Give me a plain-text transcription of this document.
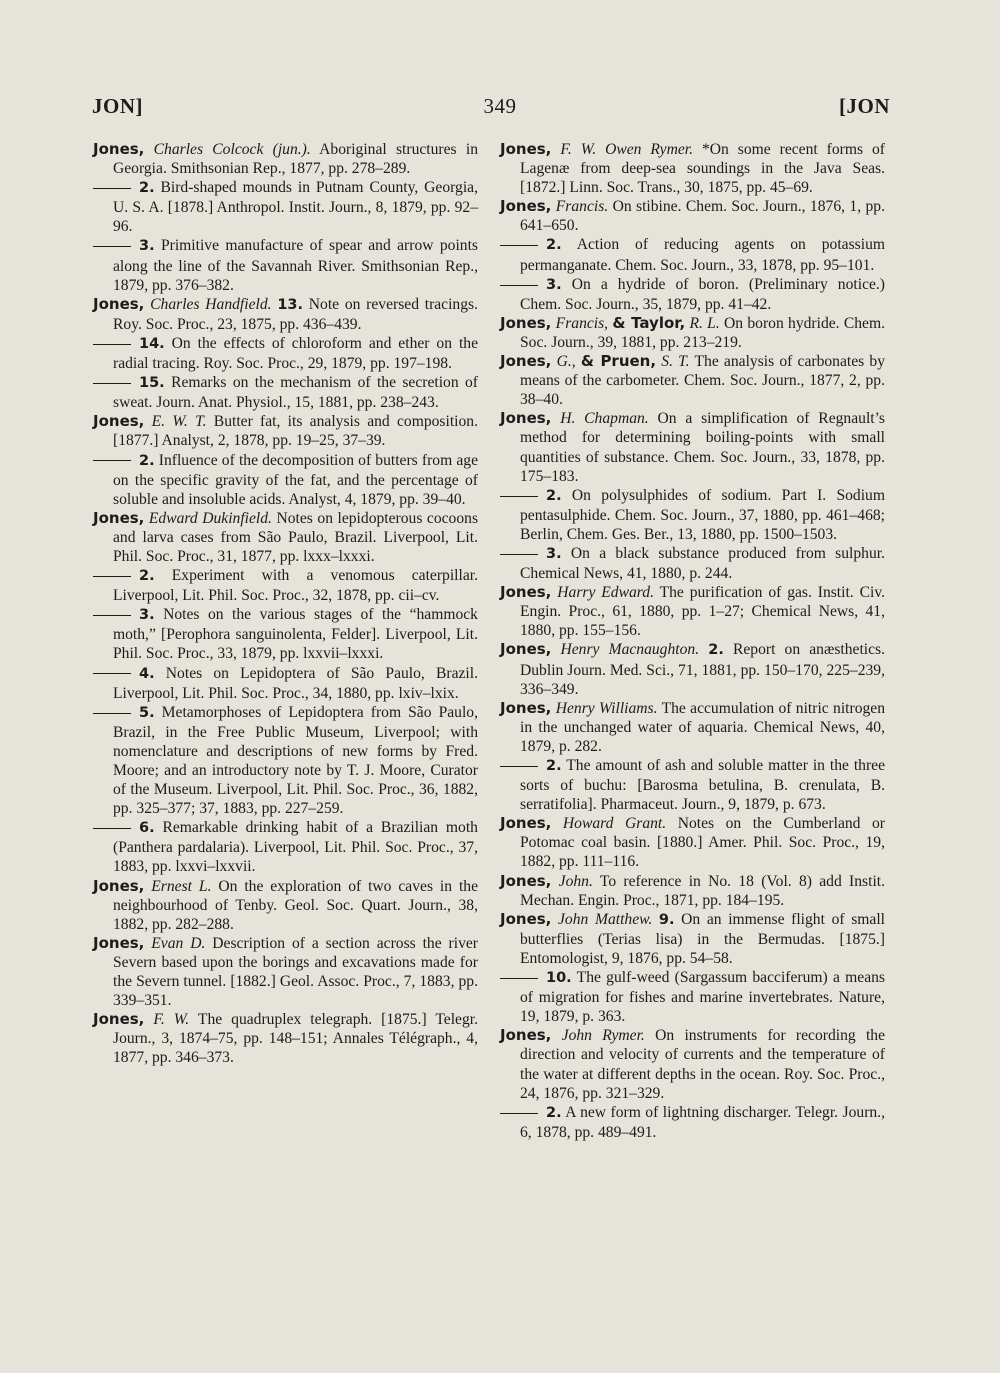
JON]	349	[JON

Jones, Charles Colcock (jun.). Aboriginal structures in Georgia. Smithsonian Rep., 1877, pp. 278–289.

2. Bird-shaped mounds in Putnam County, Georgia, U. S. A. [1878.] Anthropol. Instit. Journ., 8, 1879, pp. 92–96.

3. Primitive manufacture of spear and arrow points along the line of the Savannah River. Smithsonian Rep., 1879, pp. 376–382.

Jones, Charles Handfield. 13. Note on reversed tracings. Roy. Soc. Proc., 23, 1875, pp. 436–439.

14. On the effects of chloroform and ether on the radial tracing. Roy. Soc. Proc., 29, 1879, pp. 197–198.

15. Remarks on the mechanism of the secretion of sweat. Journ. Anat. Physiol., 15, 1881, pp. 238–243.

Jones, E. W. T. Butter fat, its analysis and composition. [1877.] Analyst, 2, 1878, pp. 19–25, 37–39.

2. Influence of the decomposition of butters from age on the specific gravity of the fat, and the percentage of soluble and insoluble acids. Analyst, 4, 1879, pp. 39–40.

Jones, Edward Dukinfield. Notes on lepidopterous cocoons and larva cases from São Paulo, Brazil. Liverpool, Lit. Phil. Soc. Proc., 31, 1877, pp. lxxx–lxxxi.

2. Experiment with a venomous caterpillar. Liverpool, Lit. Phil. Soc. Proc., 32, 1878, pp. cii–cv.

3. Notes on the various stages of the “hammock moth,” [Perophora sanguinolenta, Felder]. Liverpool, Lit. Phil. Soc. Proc., 33, 1879, pp. lxxvii–lxxxi.

4. Notes on Lepidoptera of São Paulo, Brazil. Liverpool, Lit. Phil. Soc. Proc., 34, 1880, pp. lxiv–lxix.

5. Metamorphoses of Lepidoptera from São Paulo, Brazil, in the Free Public Museum, Liverpool; with nomenclature and descriptions of new forms by Fred. Moore; and an introductory note by T. J. Moore, Curator of the Museum. Liverpool, Lit. Phil. Soc. Proc., 36, 1882, pp. 325–377; 37, 1883, pp. 227–259.

6. Remarkable drinking habit of a Brazilian moth (Panthera pardalaria). Liverpool, Lit. Phil. Soc. Proc., 37, 1883, pp. lxxvi–lxxvii.

Jones, Ernest L. On the exploration of two caves in the neighbourhood of Tenby. Geol. Soc. Quart. Journ., 38, 1882, pp. 282–288.

Jones, Evan D. Description of a section across the river Severn based upon the borings and excavations made for the Severn tunnel. [1882.] Geol. Assoc. Proc., 7, 1883, pp. 339–351.

Jones, F. W. The quadruplex telegraph. [1875.] Telegr. Journ., 3, 1874–75, pp. 148–151; Annales Télégraph., 4, 1877, pp. 346–373.

Jones, F. W. Owen Rymer. *On some recent forms of Lagenæ from deep-sea soundings in the Java Seas. [1872.] Linn. Soc. Trans., 30, 1875, pp. 45–69.

Jones, Francis. On stibine. Chem. Soc. Journ., 1876, 1, pp. 641–650.

2. Action of reducing agents on potassium permanganate. Chem. Soc. Journ., 33, 1878, pp. 95–101.

3. On a hydride of boron. (Preliminary notice.) Chem. Soc. Journ., 35, 1879, pp. 41–42.

Jones, Francis, & Taylor, R. L. On boron hydride. Chem. Soc. Journ., 39, 1881, pp. 213–219.

Jones, G., & Pruen, S. T. The analysis of carbonates by means of the carbometer. Chem. Soc. Journ., 1877, 2, pp. 38–40.

Jones, H. Chapman. On a simplification of Regnault’s method for determining boiling-points with small quantities of substance. Chem. Soc. Journ., 33, 1878, pp. 175–183.

2. On polysulphides of sodium. Part I. Sodium pentasulphide. Chem. Soc. Journ., 37, 1880, pp. 461–468; Berlin, Chem. Ges. Ber., 13, 1880, pp. 1500–1503.

3. On a black substance produced from sulphur. Chemical News, 41, 1880, p. 244.

Jones, Harry Edward. The purification of gas. Instit. Civ. Engin. Proc., 61, 1880, pp. 1–27; Chemical News, 41, 1880, pp. 155–156.

Jones, Henry Macnaughton. 2. Report on anæsthetics. Dublin Journ. Med. Sci., 71, 1881, pp. 150–170, 225–239, 336–349.

Jones, Henry Williams. The accumulation of nitric nitrogen in the unchanged water of aquaria. Chemical News, 40, 1879, p. 282.

2. The amount of ash and soluble matter in the three sorts of buchu: [Barosma betulina, B. crenulata, B. serratifolia]. Pharmaceut. Journ., 9, 1879, p. 673.

Jones, Howard Grant. Notes on the Cumberland or Potomac coal basin. [1880.] Amer. Phil. Soc. Proc., 19, 1882, pp. 111–116.

Jones, John. To reference in No. 18 (Vol. 8) add Instit. Mechan. Engin. Proc., 1871, pp. 184–195.

Jones, John Matthew. 9. On an immense flight of small butterflies (Terias lisa) in the Bermudas. [1875.] Entomologist, 9, 1876, pp. 54–58.

10. The gulf-weed (Sargassum bacciferum) a means of migration for fishes and marine invertebrates. Nature, 19, 1879, p. 363.

Jones, John Rymer. On instruments for recording the direction and velocity of currents and the temperature of the water at different depths in the ocean. Roy. Soc. Proc., 24, 1876, pp. 321–329.

2. A new form of lightning discharger. Telegr. Journ., 6, 1878, pp. 489–491.
